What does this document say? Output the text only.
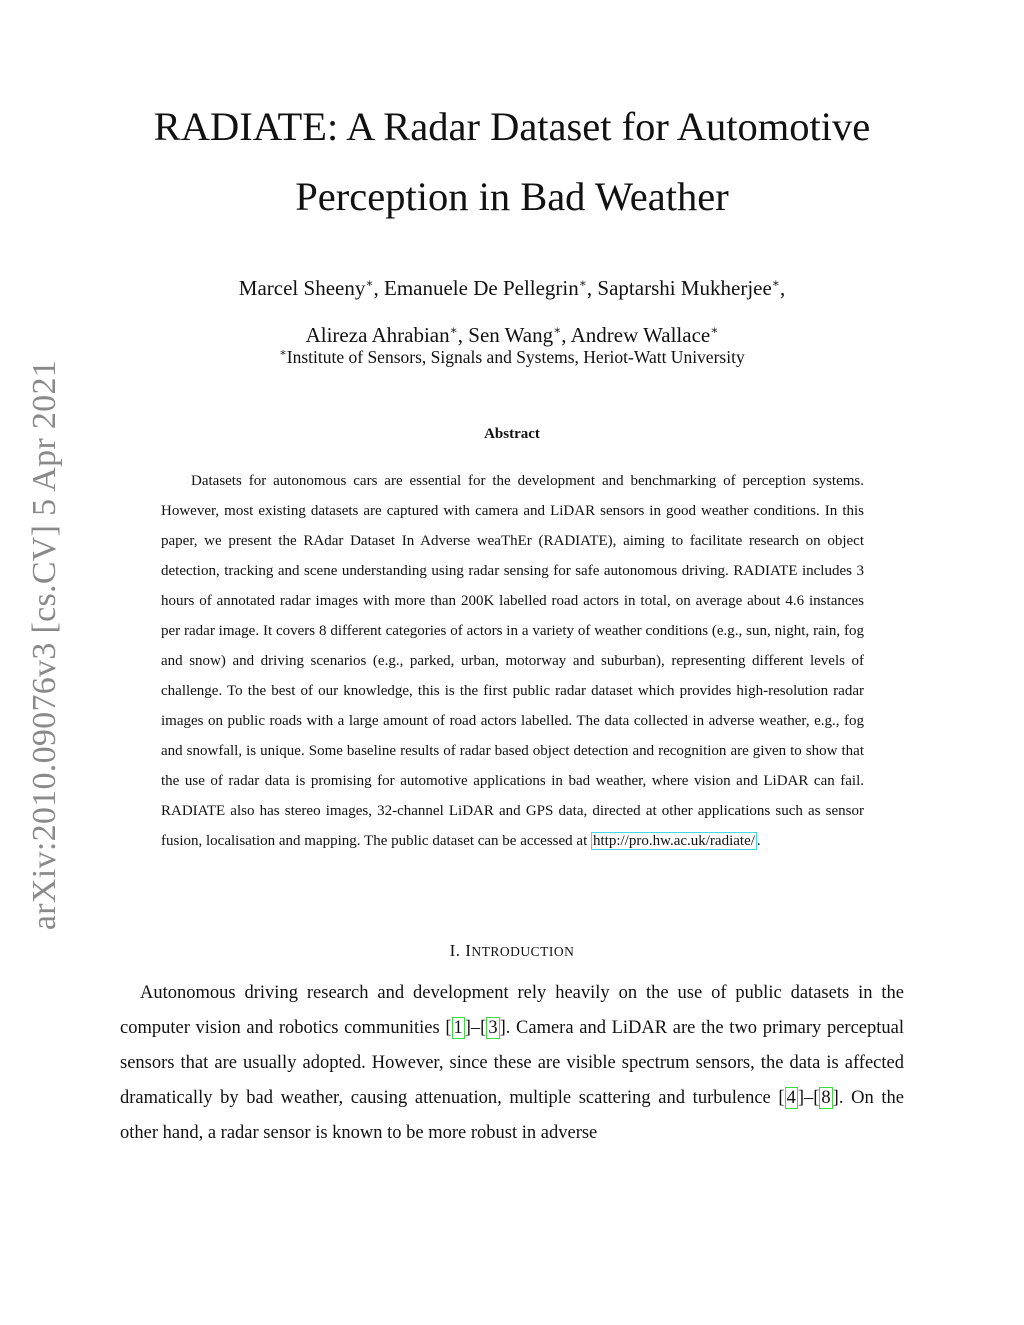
arXiv:2010.09076v3 [cs.CV] 5 Apr 2021
RADIATE: A Radar Dataset for Automotive
Perception in Bad Weather
Marcel Sheeny∗, Emanuele De Pellegrin∗, Saptarshi Mukherjee∗,
Alireza Ahrabian∗, Sen Wang∗, Andrew Wallace∗
∗Institute of Sensors, Signals and Systems, Heriot-Watt University
Abstract

Datasets for autonomous cars are essential for the development and benchmarking of perception systems. However, most existing datasets are captured with camera and LiDAR sensors in good weather conditions. In this paper, we present the RAdar Dataset In Adverse weaThEr (RADIATE), aiming to facilitate research on object detection, tracking and scene understanding using radar sensing for safe autonomous driving. RADIATE includes 3 hours of annotated radar images with more than 200K labelled road actors in total, on average about 4.6 instances per radar image. It covers 8 different categories of actors in a variety of weather conditions (e.g., sun, night, rain, fog and snow) and driving scenarios (e.g., parked, urban, motorway and suburban), representing different levels of challenge. To the best of our knowledge, this is the first public radar dataset which provides high-resolution radar images on public roads with a large amount of road actors labelled. The data collected in adverse weather, e.g., fog and snowfall, is unique. Some baseline results of radar based object detection and recognition are given to show that the use of radar data is promising for automotive applications in bad weather, where vision and LiDAR can fail. RADIATE also has stereo images, 32-channel LiDAR and GPS data, directed at other applications such as sensor fusion, localisation and mapping. The public dataset can be accessed at http://pro.hw.ac.uk/radiate/ .

I. INTRODUCTION

Autonomous driving research and development rely heavily on the use of public datasets in the computer vision and robotics communities [ 1 ]–[ 3 ]. Camera and LiDAR are the two primary perceptual sensors that are usually adopted. However, since these are visible spectrum sensors, the data is affected dramatically by bad weather, causing attenuation, multiple scattering and turbulence [ 4 ]–[ 8 ]. On the other hand, a radar sensor is known to be more robust in adverse
